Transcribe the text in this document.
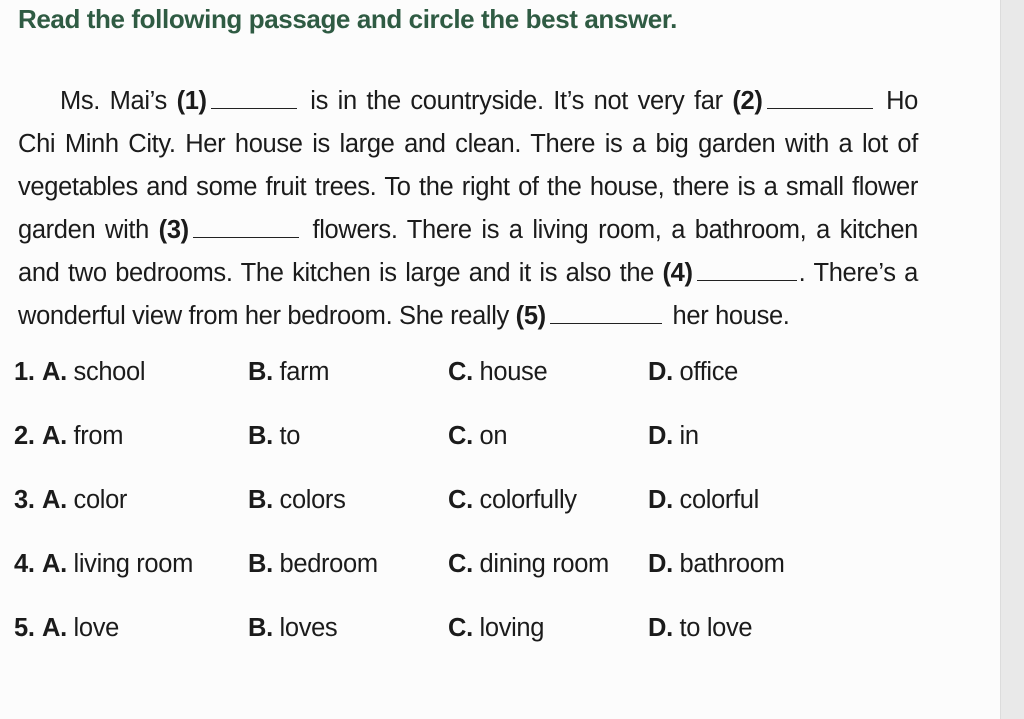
Read the following passage and circle the best answer.

Ms. Mai’s (1)	is in the countryside. It’s not very far (2)	Ho Chi Minh City. Her house is large and clean. There is a big garden with a lot of vegetables and some fruit trees. To the right of the house, there is a small flower garden with (3)	flowers. There is a living room, a bathroom, a kitchen and two bedrooms. The kitchen is large and it is also the (4)	. There’s a wonderful view from her bedroom. She really (5)	her house.

1. A. school	B. farm	C. house	D. office
2. A. from	B. to	C. on	D. in
3. A. color	B. colors	C. colorfully	D. colorful
4. A. living room B. bedroom	C. dining room D. bathroom
5. A. love	B. loves	C. loving	D. to love
